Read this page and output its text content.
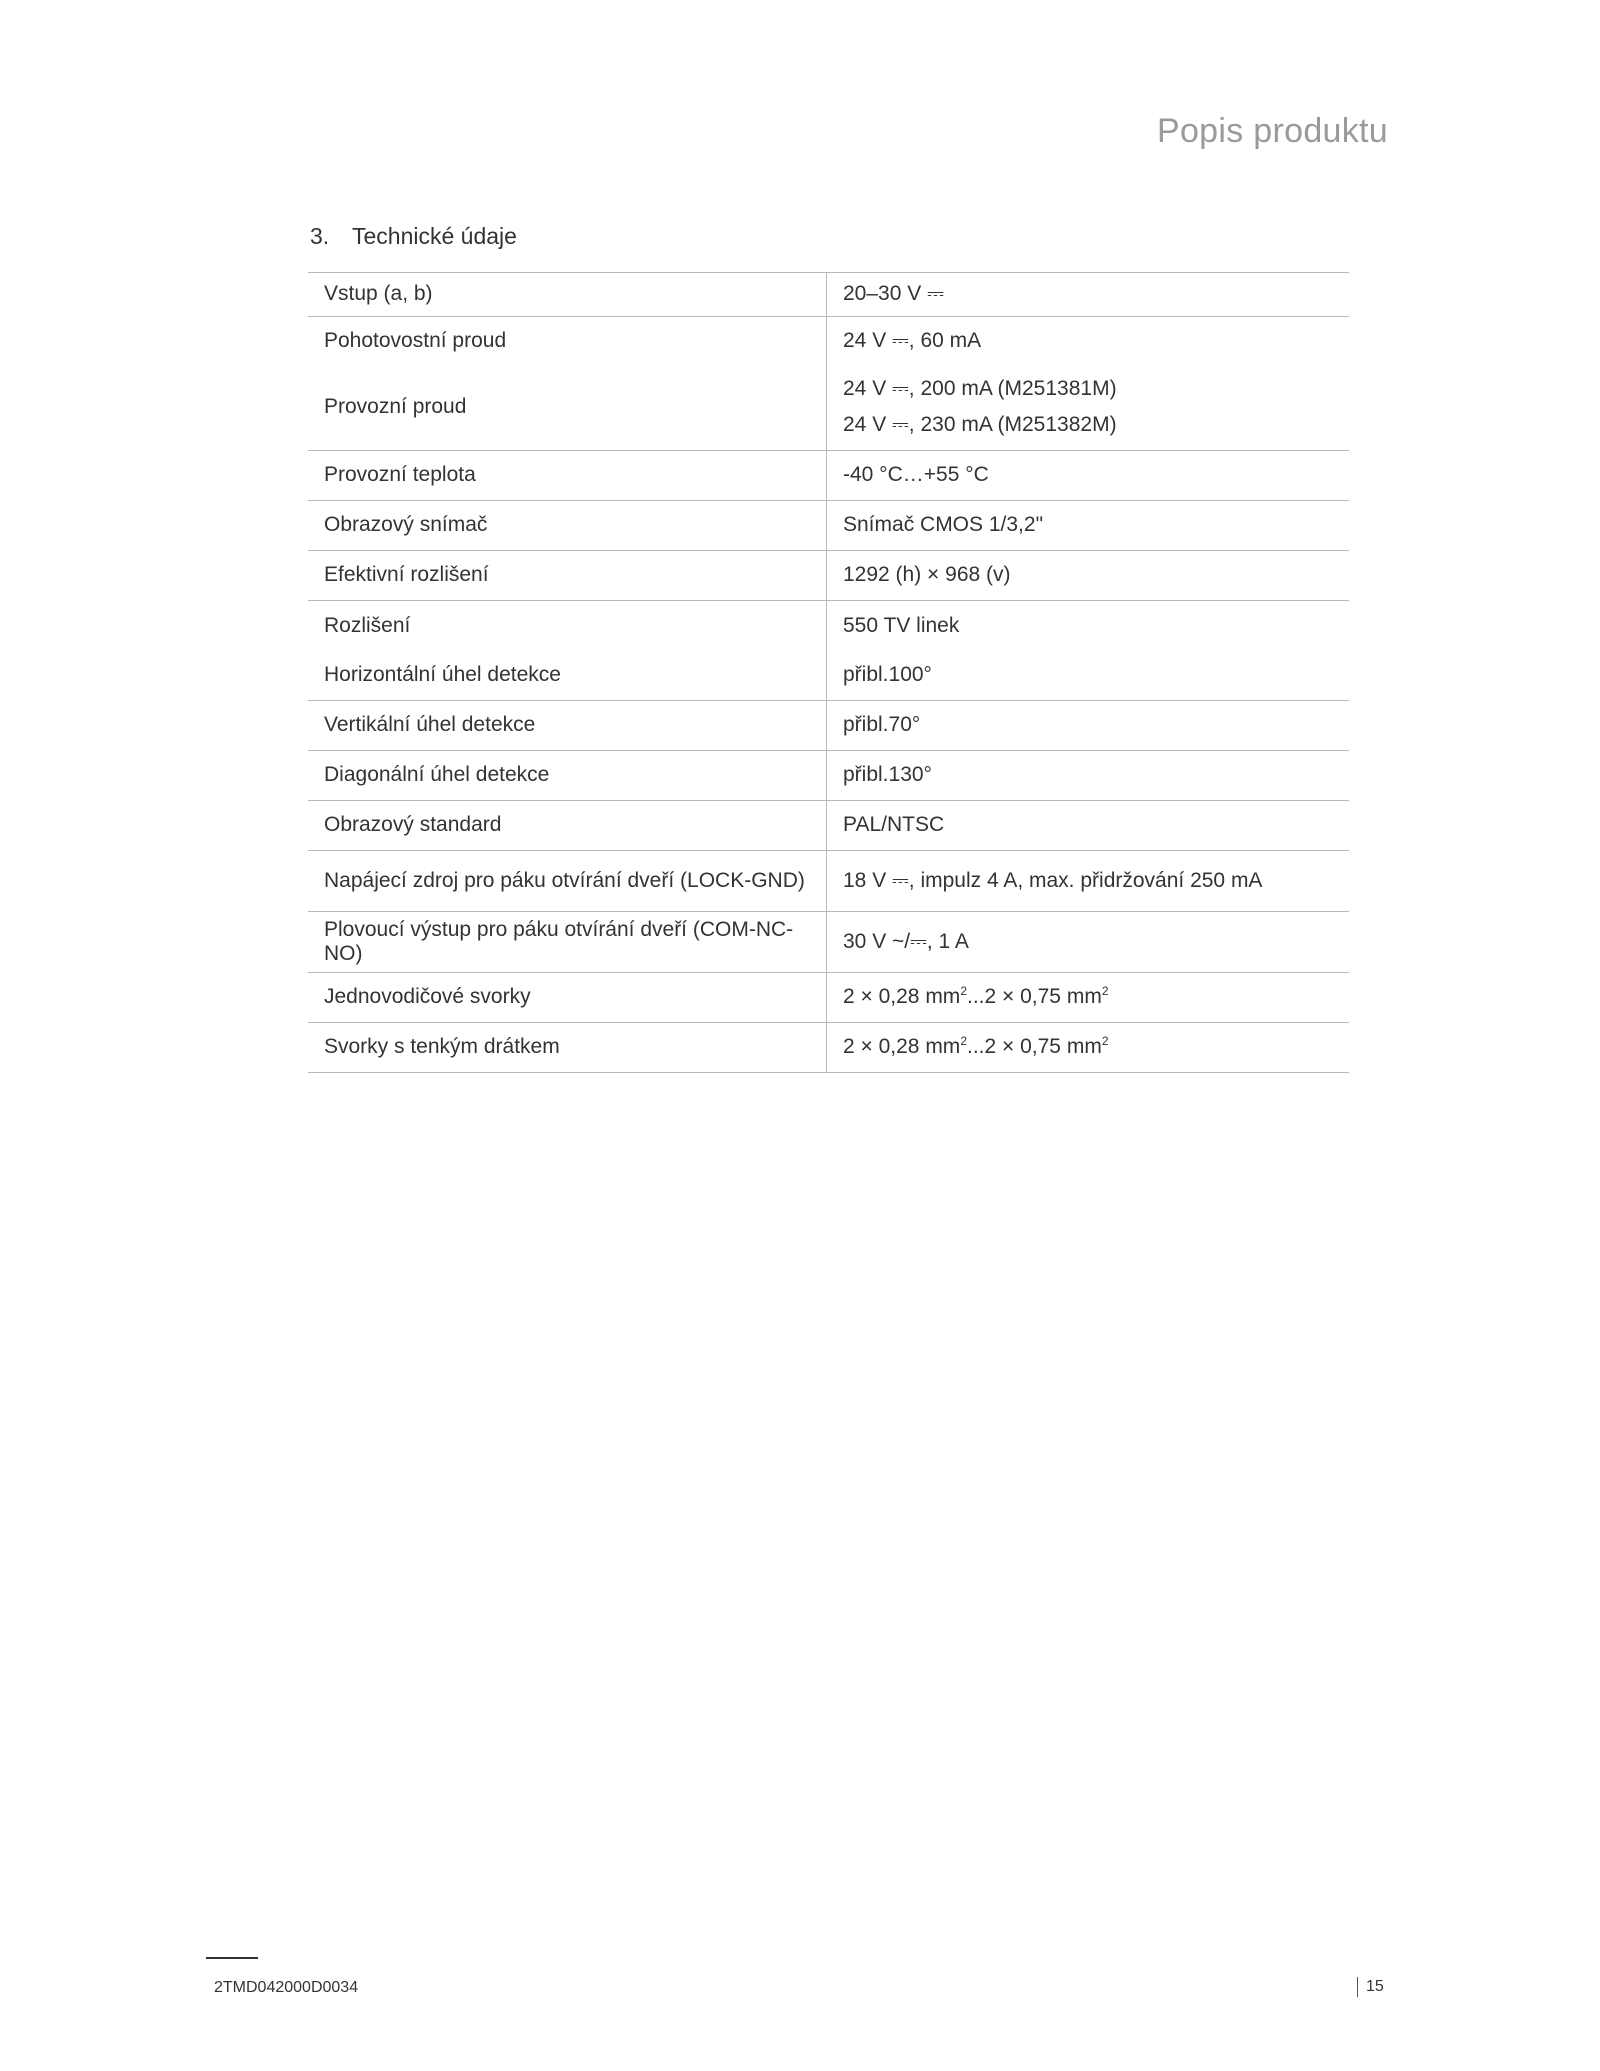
Popis produktu
3. Technické údaje
Vstup (a, b)	20–30 V ⎓
Pohotovostní proud	24 V ⎓, 60 mA
Provozní proud	24 V ⎓, 200 mA (M251381M)
24 V ⎓, 230 mA (M251382M)

Provozní teplota	-40 °C…+55 °C
Obrazový snímač	Snímač CMOS 1/3,2"
Efektivní rozlišení	1292 (h) × 968 (v)
Rozlišení	550 TV linek
Horizontální úhel detekce	přibl.100°
Vertikální úhel detekce	přibl.70°
Diagonální úhel detekce	přibl.130°
Obrazový standard	PAL/NTSC
Napájecí zdroj pro páku otvírání dveří (LOCK-GND)	18 V ⎓, impulz 4 A, max. přidržování 250 mA
Plovoucí výstup pro páku otvírání dveří (COM-NC-NO)	30 V ~/⎓, 1 A
Jednovodičové svorky	2 × 0,28 $mm^2...2 \times 0,75$ $mm^2$
Svorky s tenkým drátkem	2 × 0,28 $mm^2...2 \times 0,75$ $mm^2$
2TMD042000D0034	15
